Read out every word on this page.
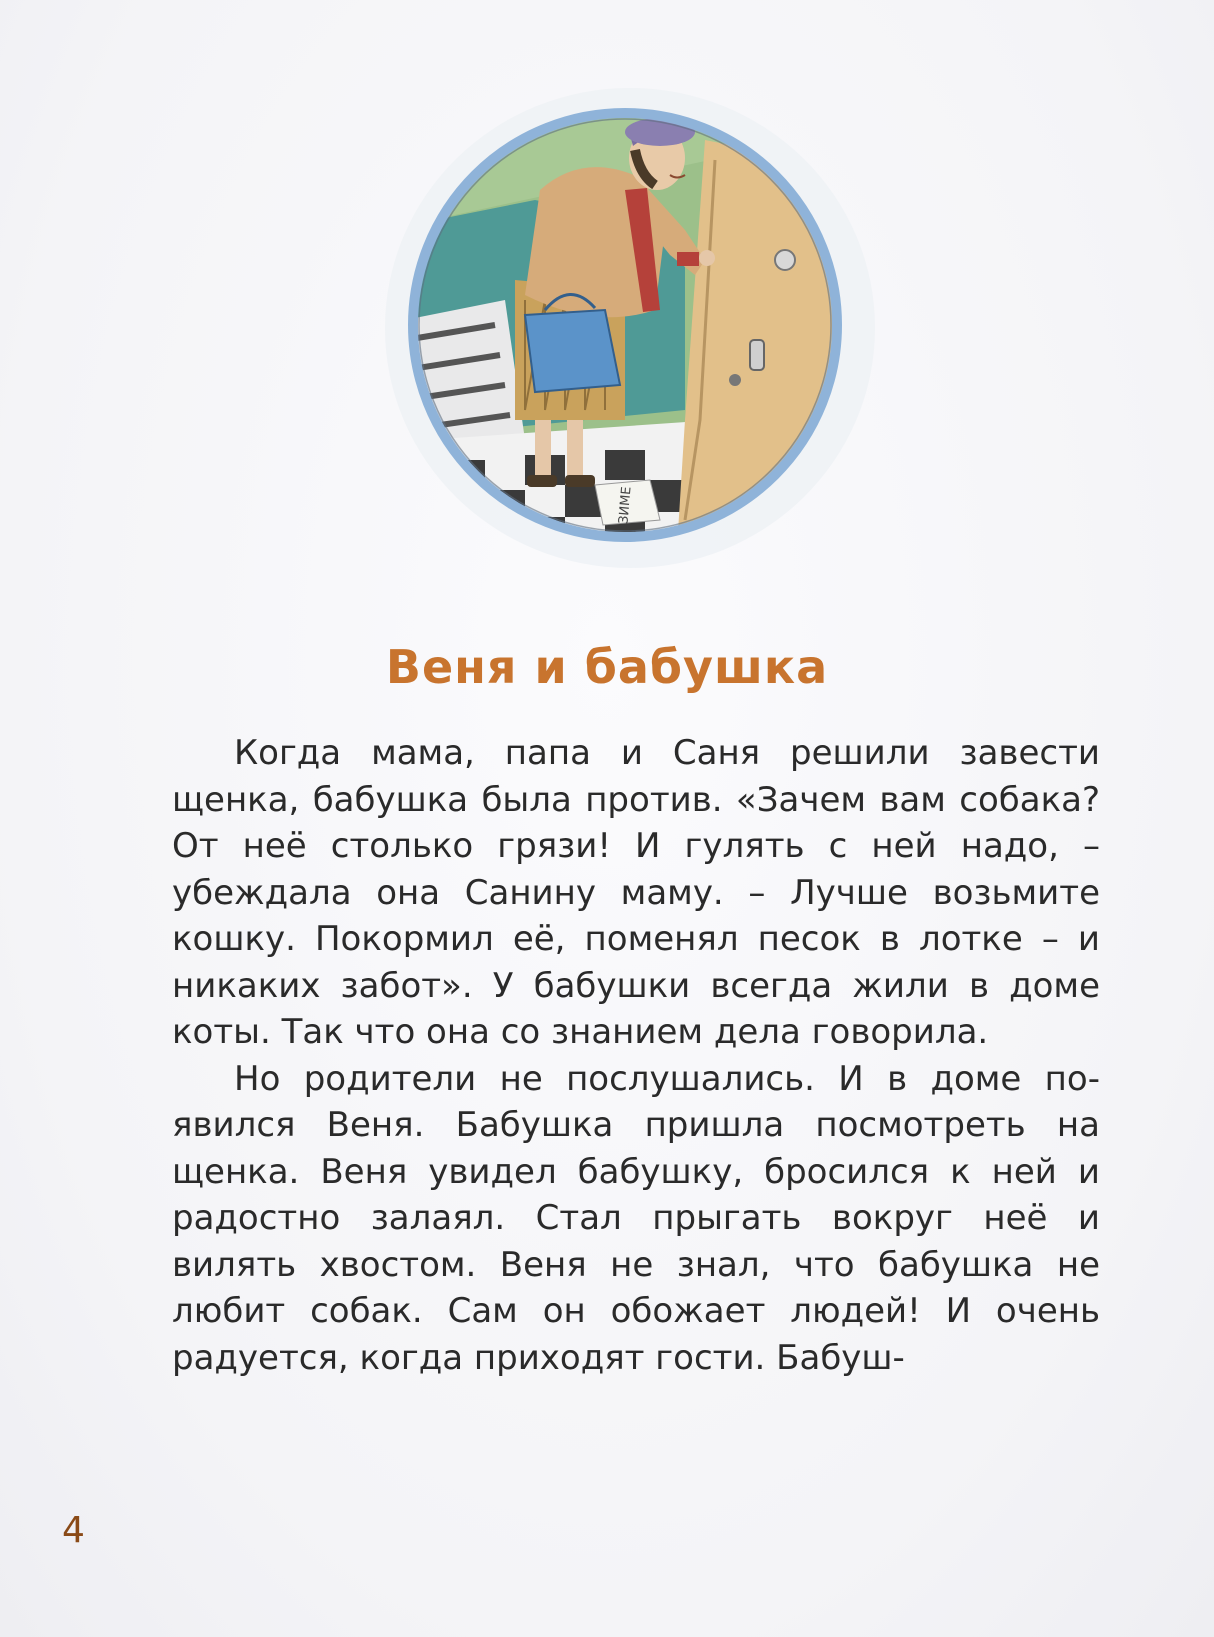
ЗИМЕ
Веня и бабушка

Когда мама, папа и Саня решили завести щенка, бабушка была против. «Зачем вам собака? От неё столько грязи! И гулять с ней надо, – убеждала она Санину маму. – Лучше возьмите кошку. Покормил её, поменял песок в лотке – и никаких забот». У бабушки всегда жили в доме коты. Так что она со знанием дела говорила.

Но родители не послушались. И в доме появился Веня. Бабушка пришла посмотреть на щенка. Веня увидел бабушку, бросился к ней и радостно залаял. Стал прыгать вокруг неё и вилять хвостом. Веня не знал, что бабушка не любит собак. Сам он обожает людей! И очень радуется, когда приходят гости. Бабуш-

4
